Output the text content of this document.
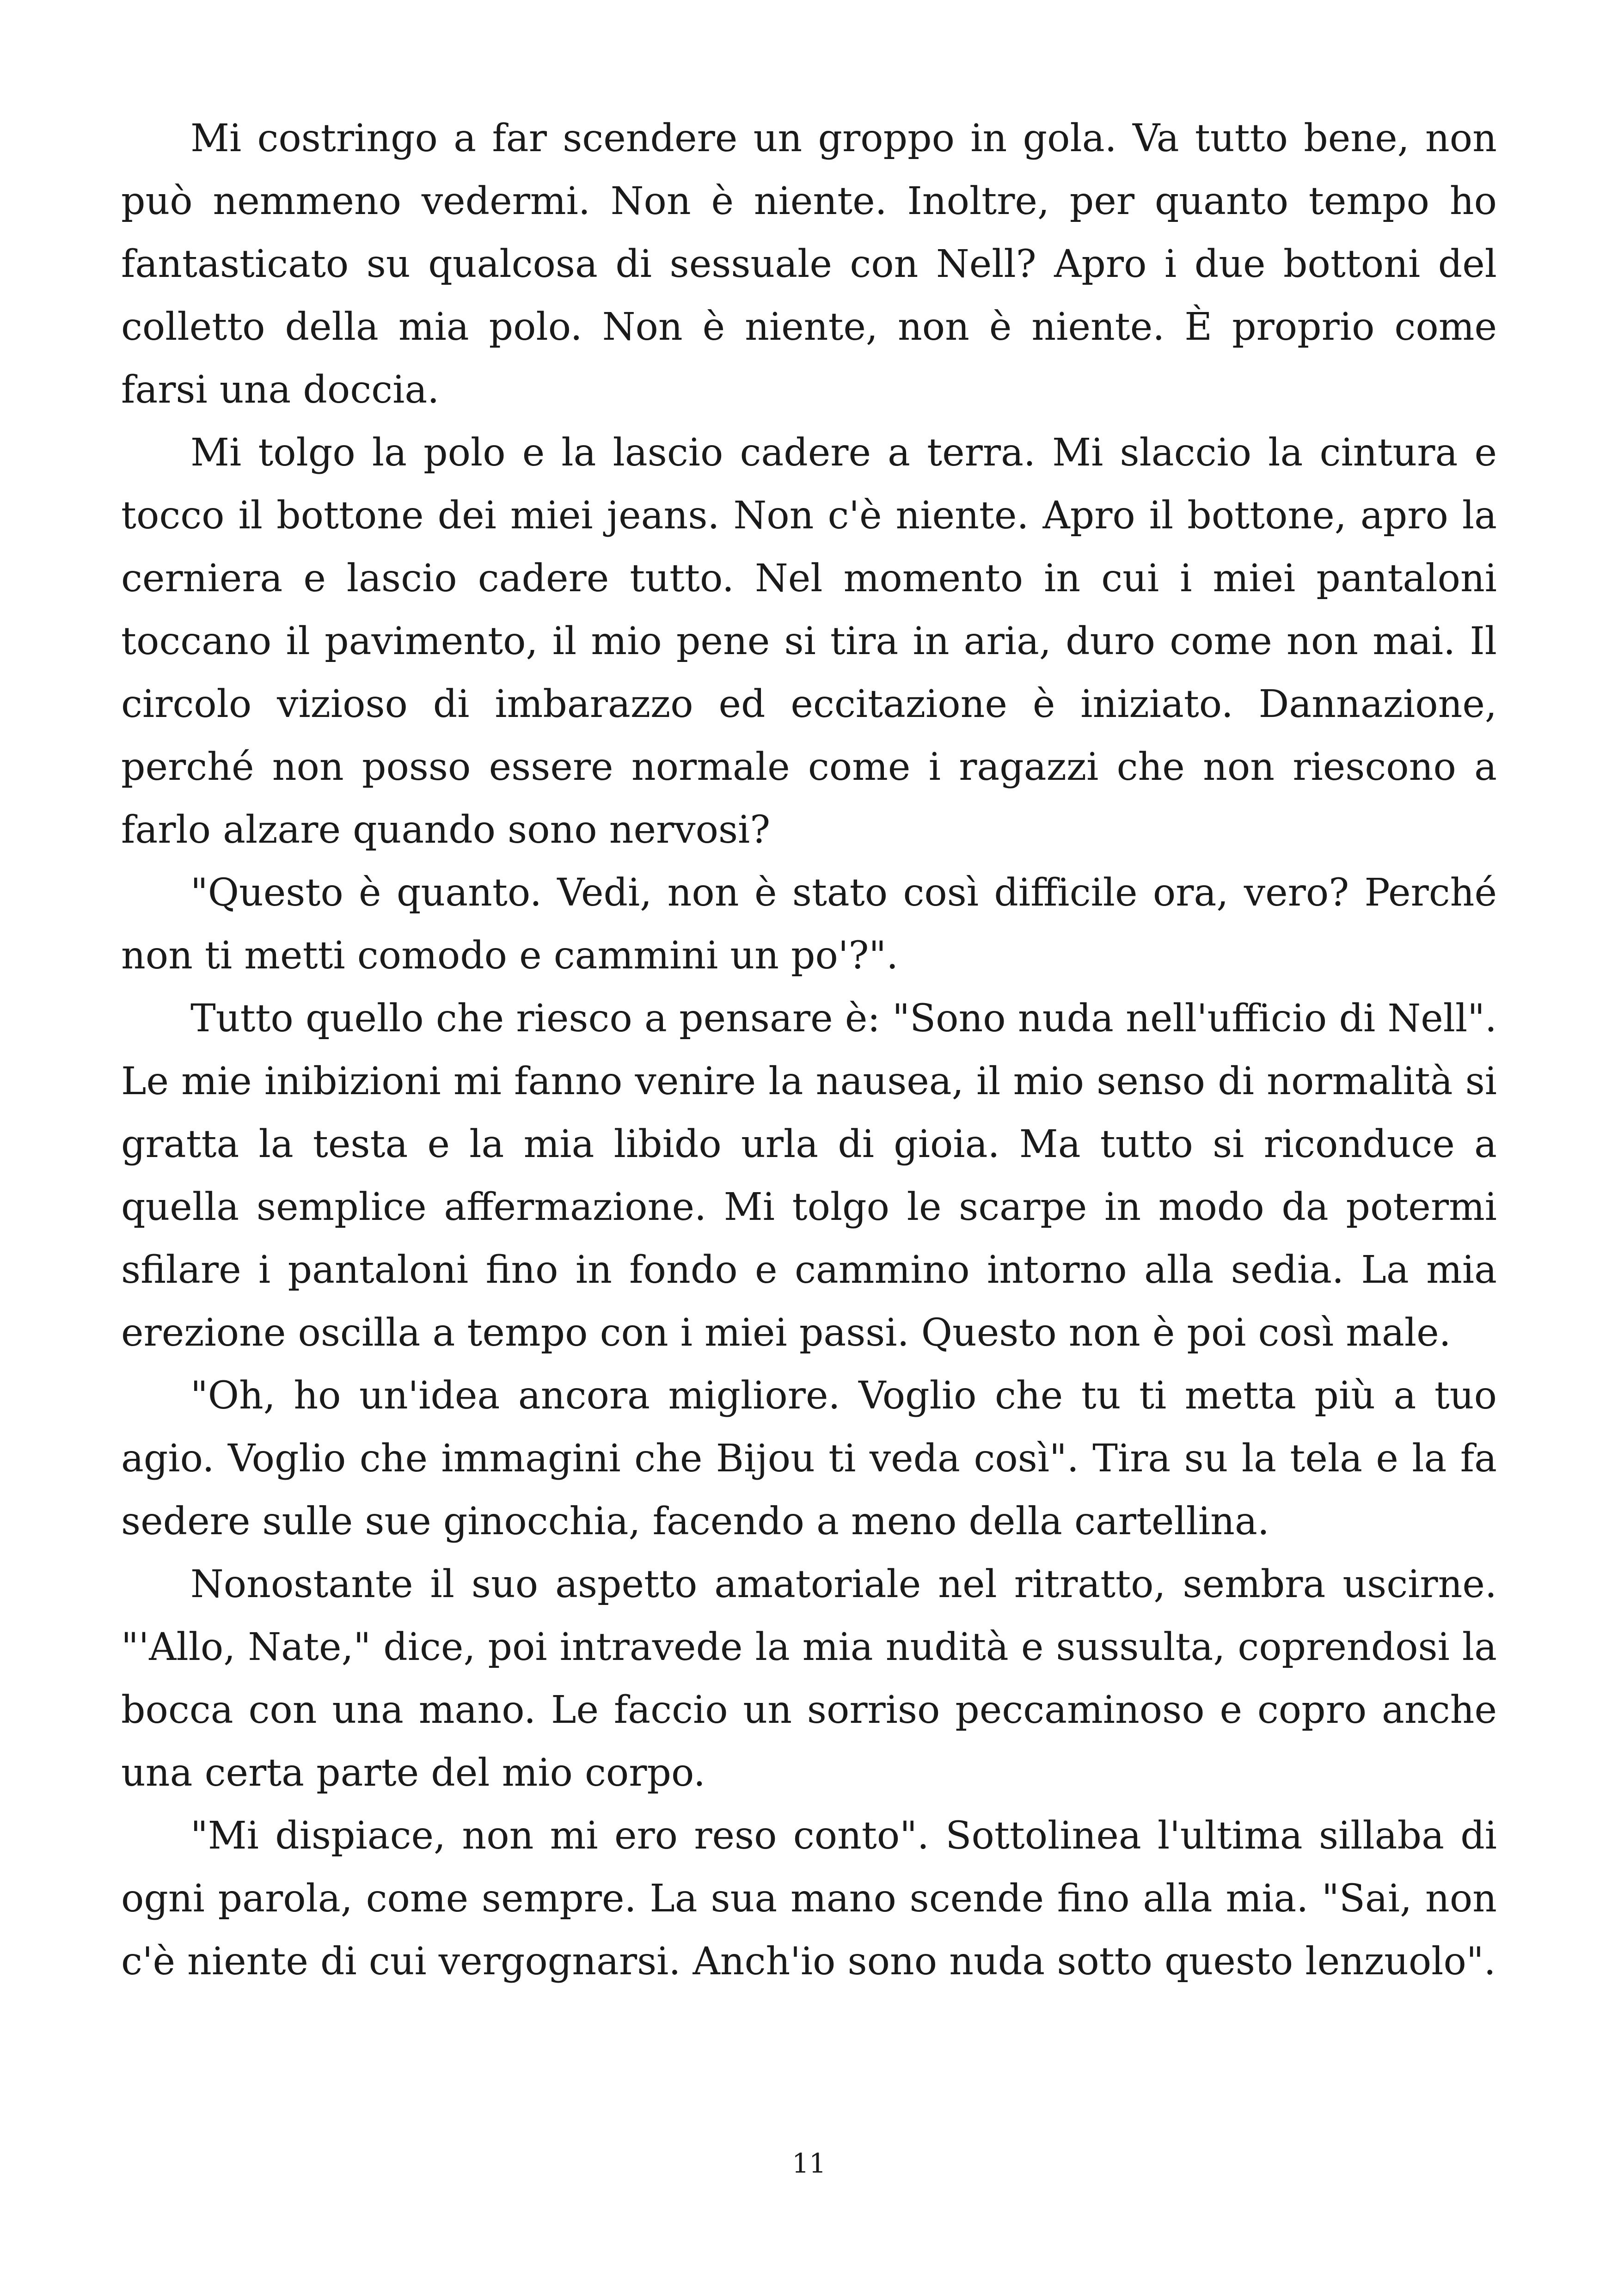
Mi costringo a far scendere un groppo in gola. Va tutto bene, non può nemmeno vedermi. Non è niente. Inoltre, per quanto tempo ho fantasticato su qualcosa di sessuale con Nell? Apro i due bottoni del colletto della mia polo. Non è niente, non è niente. È proprio come farsi una doccia.

Mi tolgo la polo e la lascio cadere a terra. Mi slaccio la cintura e tocco il bottone dei miei jeans. Non c'è niente. Apro il bottone, apro la cerniera e lascio cadere tutto. Nel momento in cui i miei pantaloni toccano il pavimento, il mio pene si tira in aria, duro come non mai. Il circolo vizioso di imbarazzo ed eccitazione è iniziato. Dannazione, perché non posso essere normale come i ragazzi che non riescono a farlo alzare quando sono nervosi?

"Questo è quanto. Vedi, non è stato così difficile ora, vero? Perché non ti metti comodo e cammini un po'?".

Tutto quello che riesco a pensare è: "Sono nuda nell'ufficio di Nell". Le mie inibizioni mi fanno venire la nausea, il mio senso di normalità si gratta la testa e la mia libido urla di gioia. Ma tutto si riconduce a quella semplice affermazione. Mi tolgo le scarpe in modo da potermi sfilare i pantaloni fino in fondo e cammino intorno alla sedia. La mia erezione oscilla a tempo con i miei passi. Questo non è poi così male.

"Oh, ho un'idea ancora migliore. Voglio che tu ti metta più a tuo agio. Voglio che immagini che Bijou ti veda così". Tira su la tela e la fa sedere sulle sue ginocchia, facendo a meno della cartellina.

Nonostante il suo aspetto amatoriale nel ritratto, sembra uscirne. "'Allo, Nate," dice, poi intravede la mia nudità e sussulta, coprendosi la bocca con una mano. Le faccio un sorriso peccaminoso e copro anche una certa parte del mio corpo.

"Mi dispiace, non mi ero reso conto". Sottolinea l'ultima sillaba di ogni parola, come sempre. La sua mano scende fino alla mia. "Sai, non c'è niente di cui vergognarsi. Anch'io sono nuda sotto questo lenzuolo".

11
